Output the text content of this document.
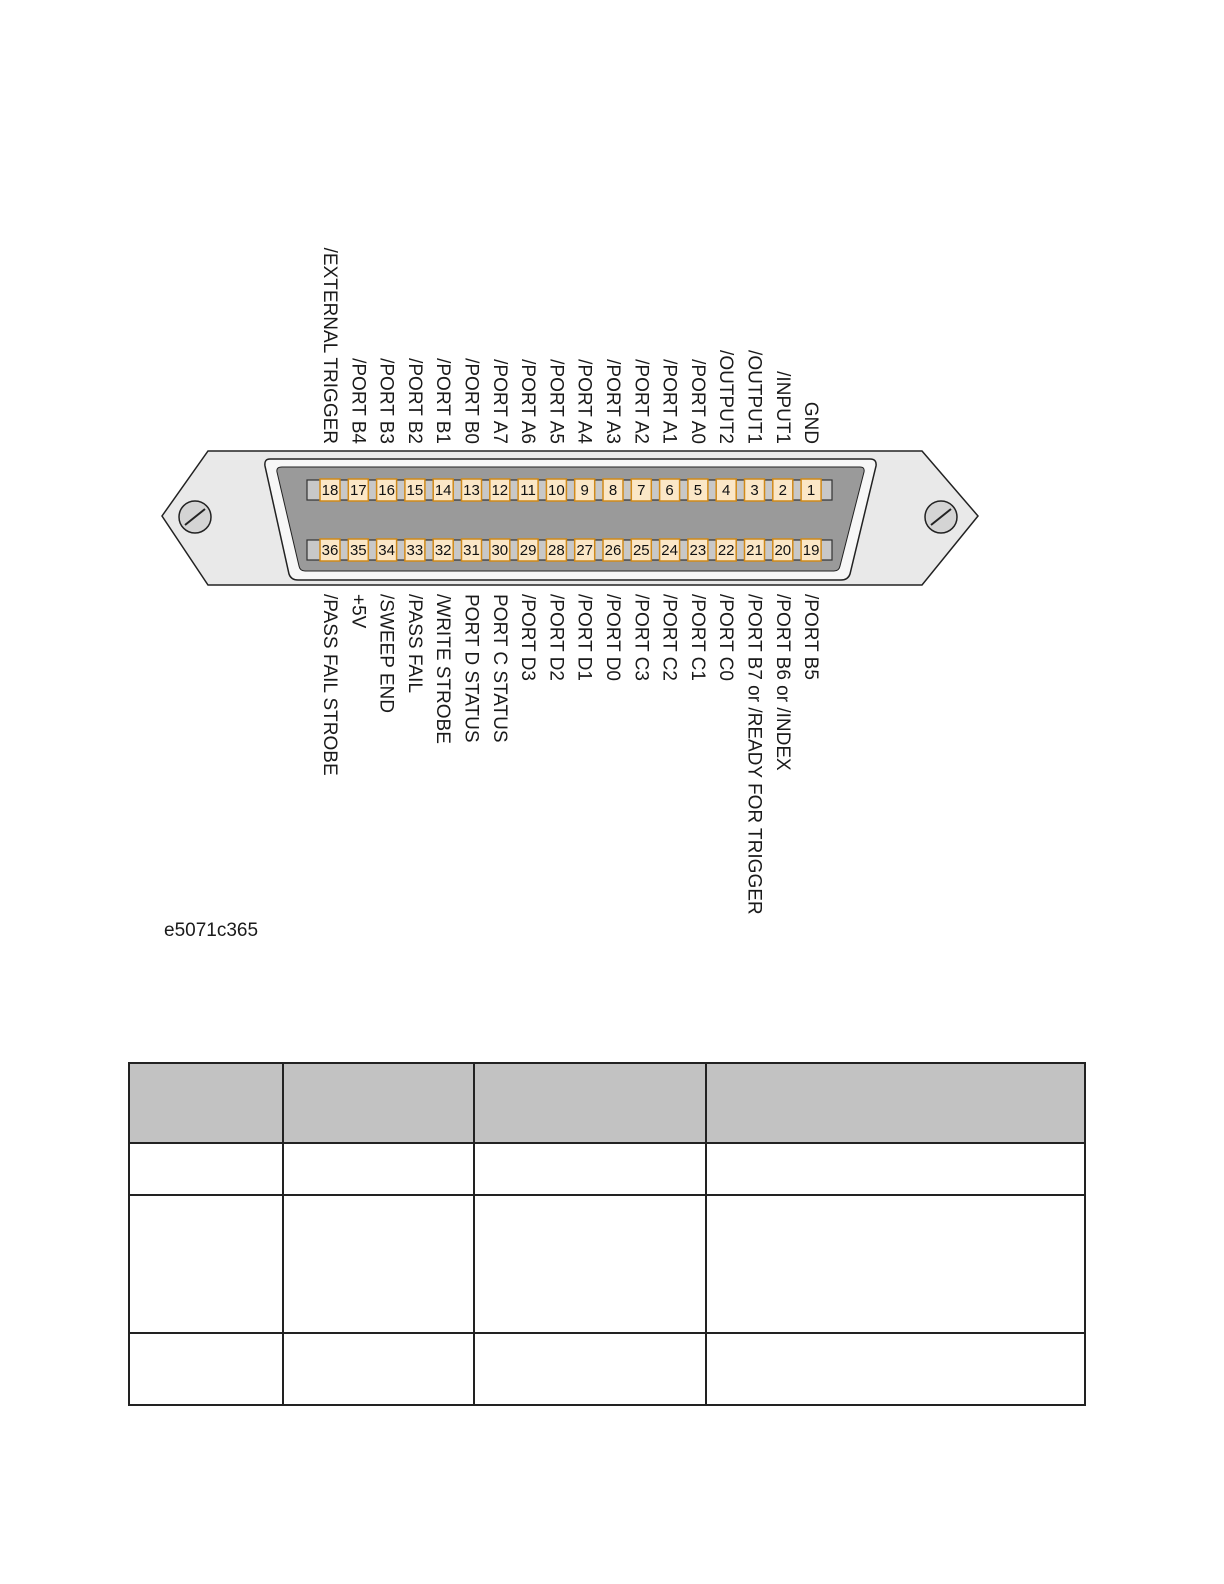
18 17 16 15 14 13 12 11 10 9 8 7 6 5 4 3 2 1
36 35 34 33 32 31 30 29 28 27 26 25 24 23 22 21 20 19
/EXTERNAL TRIGGER /PORT B4 /PORT B3 /PORT B2 /PORT B1 /PORT B0 /PORT A7 /PORT A6 /PORT A5 /PORT A4 /PORT A3 /PORT A2 /PORT A1 /PORT A0 /OUTPUT2 /OUTPUT1 /INPUT1 GND
/PASS FAIL STROBE +5V /SWEEP END /PASS FAIL /WRITE STROBE PORT D STATUS PORT C STATUS /PORT D3 /PORT D2 /PORT D1 /PORT D0 /PORT C3 /PORT C2 /PORT C1 /PORT C0 /PORT B7 or /READY FOR TRIGGER /PORT B6 or /INDEX /PORT B5
e5071c365
